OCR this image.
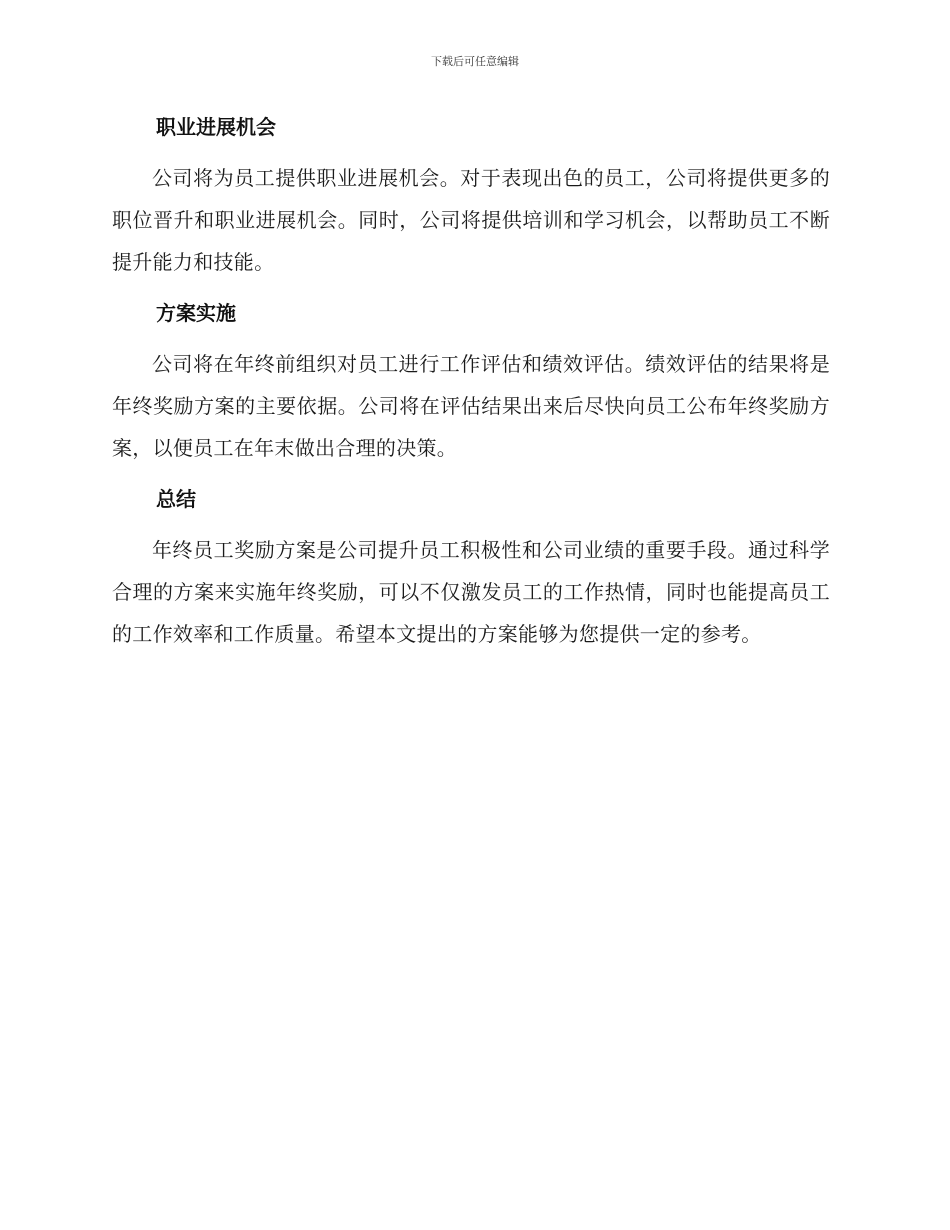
下载后可任意编辑
职业进展机会

公司将为员工提供职业进展机会。对于表现出色的员工，公司将提供更多的职位晋升和职业进展机会。同时，公司将提供培训和学习机会，以帮助员工不断提升能力和技能。

方案实施

公司将在年终前组织对员工进行工作评估和绩效评估。绩效评估的结果将是年终奖励方案的主要依据。公司将在评估结果出来后尽快向员工公布年终奖励方案，以便员工在年末做出合理的决策。

总结

年终员工奖励方案是公司提升员工积极性和公司业绩的重要手段。通过科学合理的方案来实施年终奖励，可以不仅激发员工的工作热情，同时也能提高员工的工作效率和工作质量。希望本文提出的方案能够为您提供一定的参考。
